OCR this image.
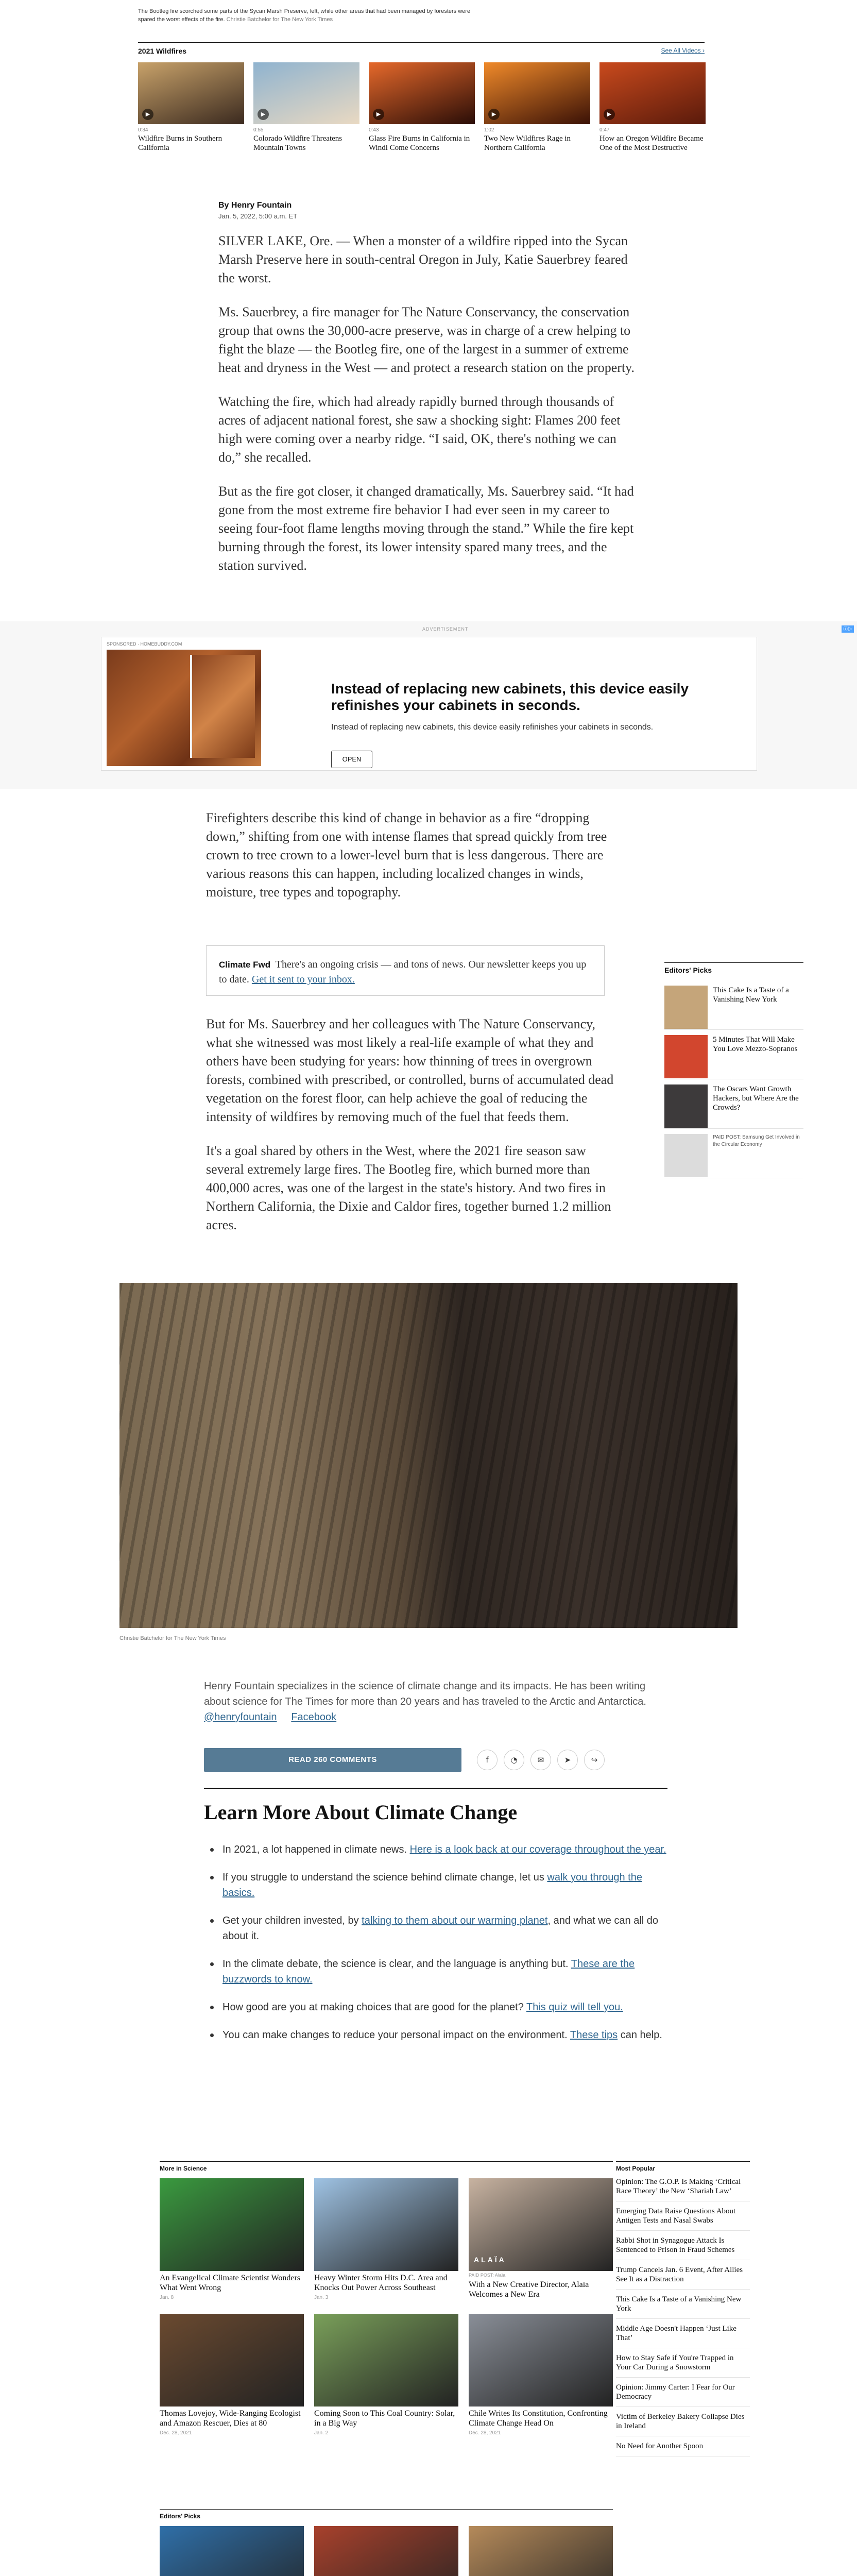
The Bootleg fire scorched some parts of the Sycan Marsh Preserve, left, while other areas that had been managed by foresters were spared the worst effects of the fire. Christie Batchelor for The New York Times
2021 Wildfires	See All Videos ›
▶
0:34
Wildfire Burns in Southern California
▶
0:55
Colorado Wildfire Threatens Mountain Towns
▶
0:43
Glass Fire Burns in California in Windl Come Concerns
▶
1:02
Two New Wildfires Rage in Northern California
▶
0:47
How an Oregon Wildfire Became One of the Most Destructive
By Henry Fountain
Jan. 5, 2022, 5:00 a.m. ET

SILVER LAKE, Ore. — When a monster of a wildfire ripped into the Sycan Marsh Preserve here in south-central Oregon in July, Katie Sauerbrey feared the worst.

Ms. Sauerbrey, a fire manager for The Nature Conservancy, the conservation group that owns the 30,000-acre preserve, was in charge of a crew helping to fight the blaze — the Bootleg fire, one of the largest in a summer of extreme heat and dryness in the West — and protect a research station on the property.

Watching the fire, which had already rapidly burned through thousands of acres of adjacent national forest, she saw a shocking sight: Flames 200 feet high were coming over a nearby ridge. “I said, OK, there's nothing we can do,” she recalled.

But as the fire got closer, it changed dramatically, Ms. Sauerbrey said. “It had gone from the most extreme fire behavior I had ever seen in my career to seeing four-foot flame lengths moving through the stand.” While the fire kept burning through the forest, its lower intensity spared many trees, and the station survived.

ADVERTISEMENT	ⓘ▷
SPONSORED · HOMEBUDDY.COM
Instead of replacing new cabinets, this device easily refinishes your cabinets in seconds.
Instead of replacing new cabinets, this device easily refinishes your cabinets in seconds.
OPEN

Firefighters describe this kind of change in behavior as a fire “dropping down,” shifting from one with intense flames that spread quickly from tree crown to tree crown to a lower-level burn that is less dangerous. There are various reasons this can happen, including localized changes in winds, moisture, tree types and topography.

Climate Fwd There's an ongoing crisis — and tons of news. Our newsletter keeps you up to date. Get it sent to your inbox.

Editors' Picks
This Cake Is a Taste of a Vanishing New York
5 Minutes That Will Make You Love Mezzo-Sopranos
The Oscars Want Growth Hackers, but Where Are the Crowds?
PAID POST: Samsung Get Involved in the Circular Economy

But for Ms. Sauerbrey and her colleagues with The Nature Conservancy, what she witnessed was most likely a real-life example of what they and others have been studying for years: how thinning of trees in overgrown forests, combined with prescribed, or controlled, burns of accumulated dead vegetation on the forest floor, can help achieve the goal of reducing the intensity of wildfires by removing much of the fuel that feeds them.

It's a goal shared by others in the West, where the 2021 fire season saw several extremely large fires. The Bootleg fire, which burned more than 400,000 acres, was one of the largest in the state's history. And two fires in Northern California, the Dixie and Caldor fires, together burned 1.2 million acres.

Christie Batchelor for The New York Times
Henry Fountain specializes in the science of climate change and its impacts. He has been writing about science for The Times for more than 20 years and has traveled to the Arctic and Antarctica. @henryfountain Facebook
READ 260 COMMENTS	f	◔	✉	➤	↪
Learn More About Climate Change
In 2021, a lot happened in climate news. Here is a look back at our coverage throughout the year.
If you struggle to understand the science behind climate change, let us walk you through the basics.
Get your children invested, by talking to them about our warming planet, and what we can all do about it.
In the climate debate, the science is clear, and the language is anything but. These are the buzzwords to know.
How good are you at making choices that are good for the planet? This quiz will tell you.
You can make changes to reduce your personal impact on the environment. These tips can help.
More in Science
An Evangelical Climate Scientist Wonders What Went Wrong
Jan. 8
Heavy Winter Storm Hits D.C. Area and Knocks Out Power Across Southeast
Jan. 3
ALAÏA
PAID POST: Alaïa
With a New Creative Director, Alaïa Welcomes a New Era
Thomas Lovejoy, Wide-Ranging Ecologist and Amazon Rescuer, Dies at 80
Dec. 28, 2021
Coming Soon to This Coal Country: Solar, in a Big Way
Jan. 2
Chile Writes Its Constitution, Confronting Climate Change Head On
Dec. 28, 2021
Most Popular
Opinion: The G.O.P. Is Making ‘Critical Race Theory’ the New ‘Shariah Law’
Emerging Data Raise Questions About Antigen Tests and Nasal Swabs
Rabbi Shot in Synagogue Attack Is Sentenced to Prison in Fraud Schemes
Trump Cancels Jan. 6 Event, After Allies See It as a Distraction
This Cake Is a Taste of a Vanishing New York
Middle Age Doesn't Happen ‘Just Like That’
How to Stay Safe if You're Trapped in Your Car During a Snowstorm
Opinion: Jimmy Carter: I Fear for Our Democracy
Victim of Berkeley Bakery Collapse Dies in Ireland
No Need for Another Spoon
Editors' Picks
